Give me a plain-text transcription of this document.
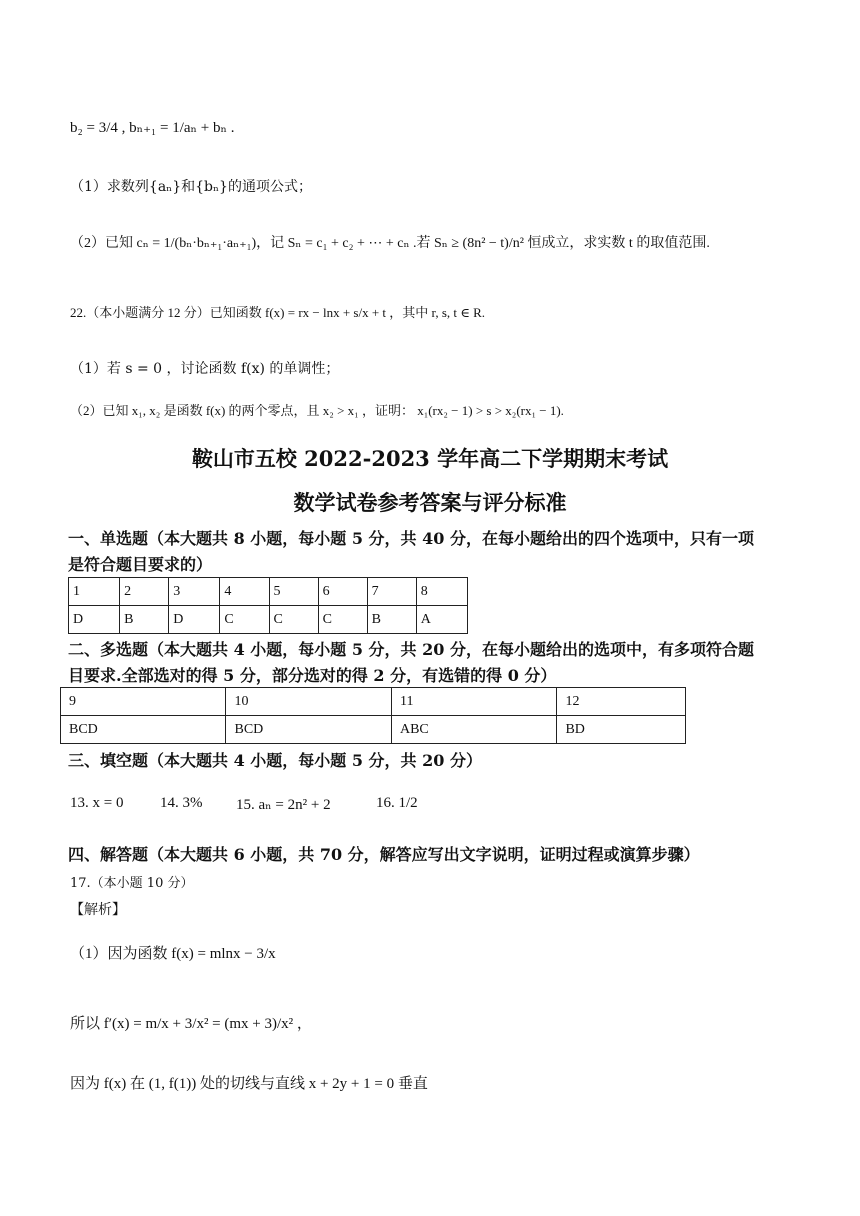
b₂ = 3/4 , bₙ₊₁ = 1/aₙ + bₙ .
（1）求数列{aₙ}和{bₙ}的通项公式；
（2）已知 cₙ = 1/(bₙ·bₙ₊₁·aₙ₊₁)，记 Sₙ = c₁ + c₂ + ⋯ + cₙ .若 Sₙ ≥ (8n² − t)/n² 恒成立，求实数 t 的取值范围.
22.（本小题满分 12 分）已知函数 f(x) = rx − lnx + s/x + t ，其中 r, s, t ∈ R.
（1）若 s = 0 ，讨论函数 f(x) 的单调性；
（2）已知 x₁, x₂ 是函数 f(x) 的两个零点，且 x₂ > x₁ ，证明： x₁(rx₂ − 1) > s > x₂(rx₁ − 1).
鞍山市五校 2022-2023 学年高二下学期期末考试
数学试卷参考答案与评分标准
一、单选题（本大题共 8 小题，每小题 5 分，共 40 分，在每小题给出的四个选项中，只有一项
是符合题目要求的）
1	2	3	4	5	6	7	8
D	B	D	C	C	C	B	A
二、多选题（本大题共 4 小题，每小题 5 分，共 20 分，在每小题给出的选项中，有多项符合题
目要求.全部选对的得 5 分，部分选对的得 2 分，有选错的得 0 分）
9	10	11	12
BCD	BCD	ABC	BD
三、填空题（本大题共 4 小题，每小题 5 分，共 20 分）
13. x = 0 14. 3% 15. aₙ = 2n² + 2	16. 1/2
四、解答题（本大题共 6 小题，共 70 分，解答应写出文字说明，证明过程或演算步骤）
17.（本小题 10 分）
【解析】
（1）因为函数 f(x) = mlnx − 3/x
所以 f′(x) = m/x + 3/x² = (mx + 3)/x² ，
因为 f(x) 在 (1, f(1)) 处的切线与直线 x + 2y + 1 = 0 垂直
